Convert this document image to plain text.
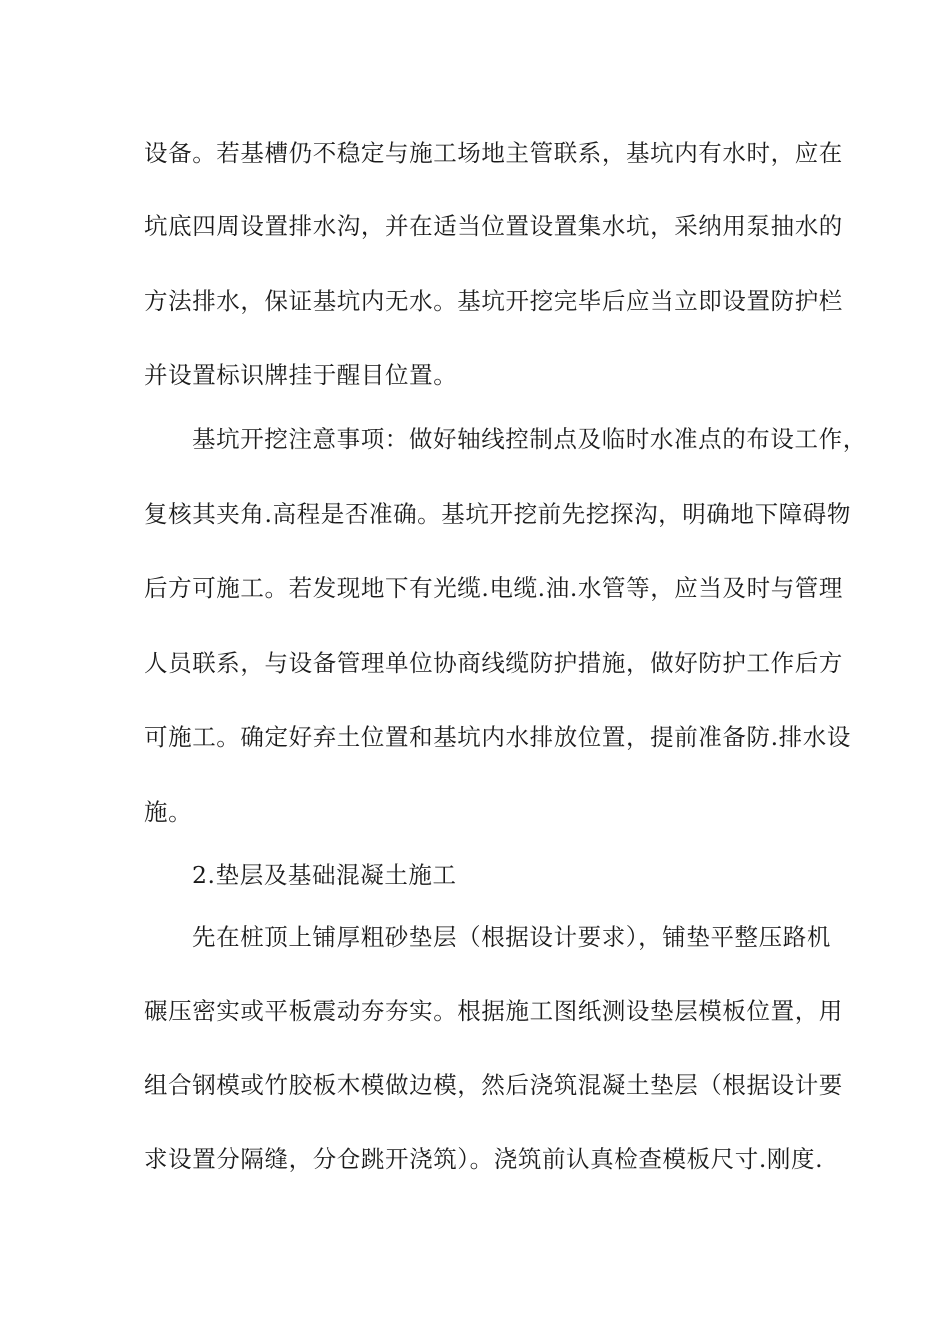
设备。若基槽仍不稳定与施工场地主管联系，基坑内有水时，应在
坑底四周设置排水沟，并在适当位置设置集水坑，采纳用泵抽水的
方法排水，保证基坑内无水。基坑开挖完毕后应当立即设置防护栏
并设置标识牌挂于醒目位置。
基坑开挖注意事项：做好轴线控制点及临时水准点的布设工作，
复核其夹角.高程是否准确。基坑开挖前先挖探沟，明确地下障碍物
后方可施工。若发现地下有光缆.电缆.油.水管等，应当及时与管理
人员联系，与设备管理单位协商线缆防护措施，做好防护工作后方
可施工。确定好弃土位置和基坑内水排放位置，提前准备防.排水设
施。
2.垫层及基础混凝土施工
先在桩顶上铺厚粗砂垫层（根据设计要求），铺垫平整压路机
碾压密实或平板震动夯夯实。根据施工图纸测设垫层模板位置，用
组合钢模或竹胶板木模做边模，然后浇筑混凝土垫层（根据设计要
求设置分隔缝，分仓跳开浇筑）。浇筑前认真检查模板尺寸.刚度.
